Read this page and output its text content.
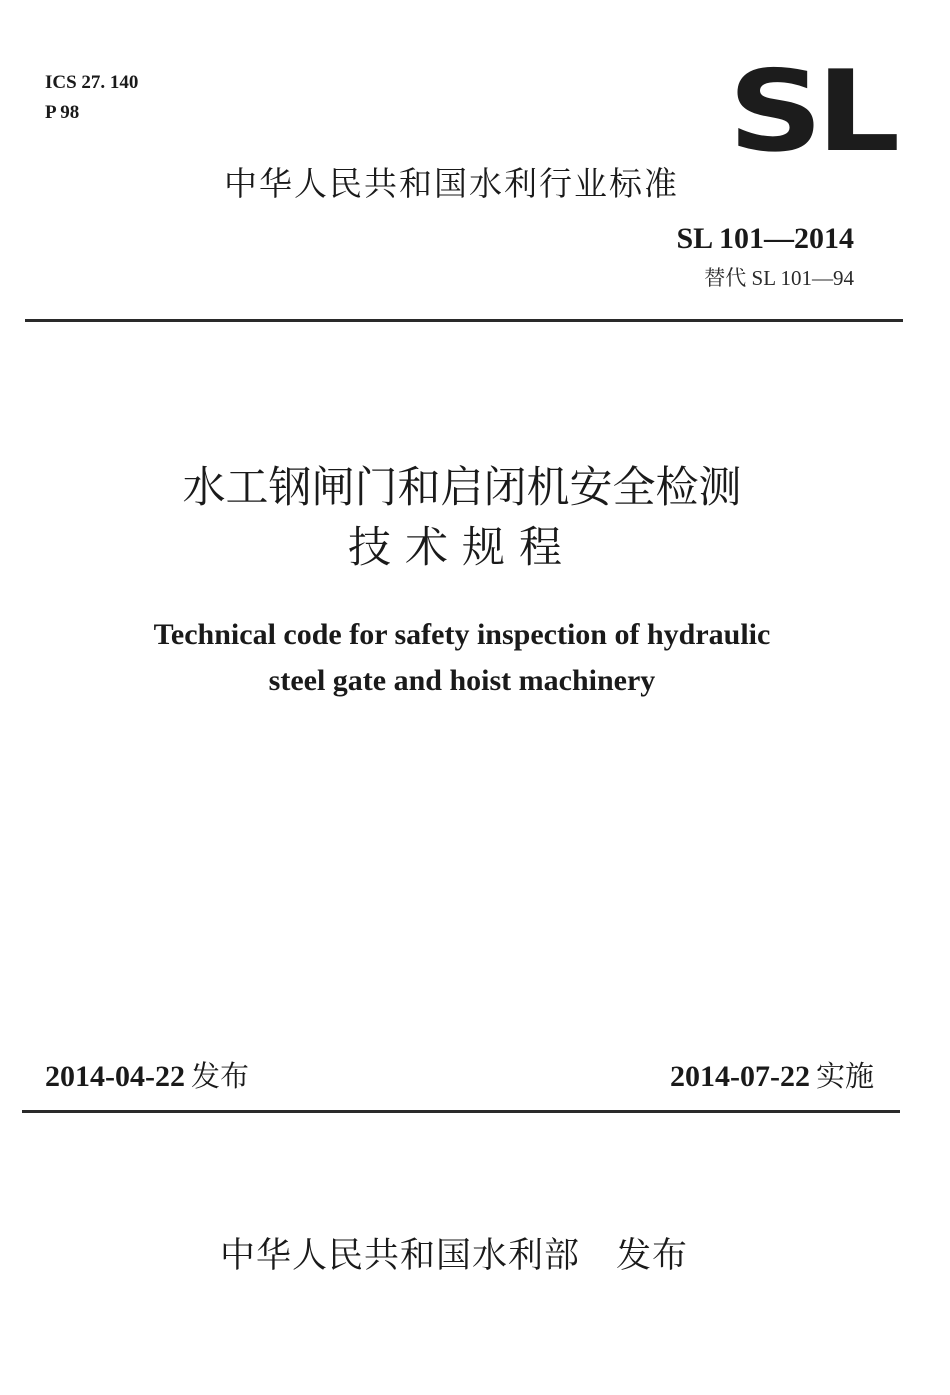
ICS 27. 140
P 98	SL
中华人民共和国水利行业标准
SL 101—2014
替代 SL 101—94
水工钢闸门和启闭机安全检测
技术规程
Technical code for safety inspection of hydraulic
steel gate and hoist machinery
2014-04-22 发布	2014-07-22 实施
中华人民共和国水利部 发布
